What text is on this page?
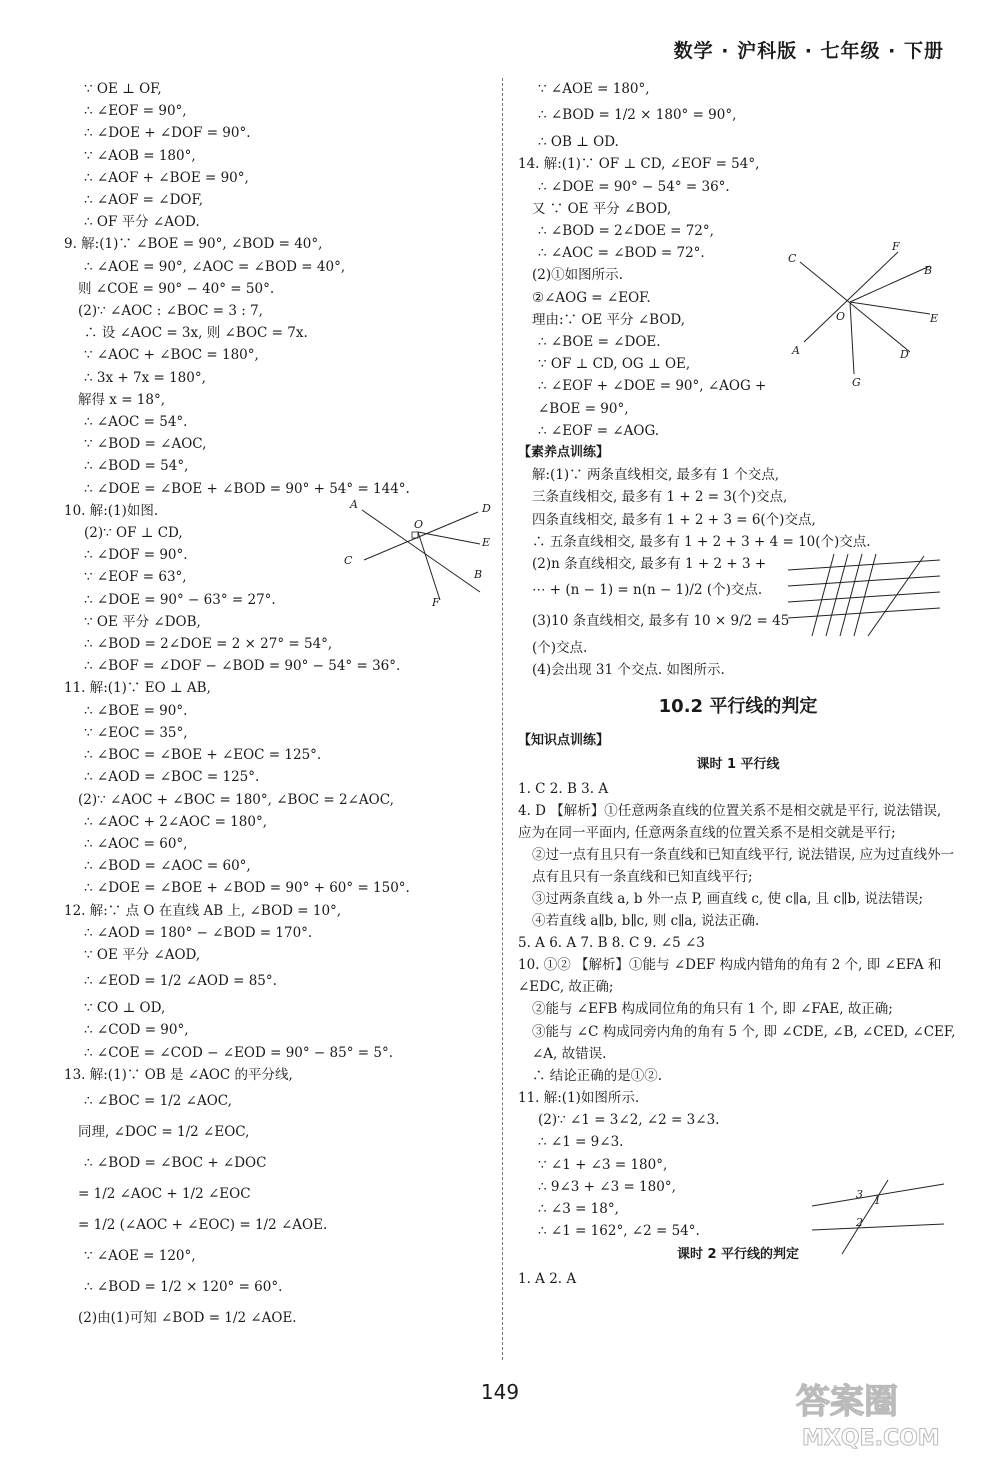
数学 · 沪科版 · 七年级 · 下册
∵ OE ⊥ OF,
∴ ∠EOF = 90°,
∴ ∠DOE + ∠DOF = 90°.
∵ ∠AOB = 180°,
∴ ∠AOF + ∠BOE = 90°,
∴ ∠AOF = ∠DOF,
∴ OF 平分 ∠AOD.
9. 解:(1)∵ ∠BOE = 90°, ∠BOD = 40°,
∴ ∠AOE = 90°, ∠AOC = ∠BOD = 40°,
则 ∠COE = 90° − 40° = 50°.
(2)∵ ∠AOC : ∠BOC = 3 : 7,
∴ 设 ∠AOC = 3x, 则 ∠BOC = 7x.
∵ ∠AOC + ∠BOC = 180°,
∴ 3x + 7x = 180°,
解得 x = 18°,
∴ ∠AOC = 54°.
∵ ∠BOD = ∠AOC,
∴ ∠BOD = 54°,
∴ ∠DOE = ∠BOE + ∠BOD = 90° + 54° = 144°.
10. 解:(1)如图.
(2)∵ OF ⊥ CD,
∴ ∠DOF = 90°.
∵ ∠EOF = 63°,
∴ ∠DOE = 90° − 63° = 27°.
∵ OE 平分 ∠DOB,
∴ ∠BOD = 2∠DOE = 2 × 27° = 54°,
∴ ∠BOF = ∠DOF − ∠BOD = 90° − 54° = 36°.
11. 解:(1)∵ EO ⊥ AB,
∴ ∠BOE = 90°.
∵ ∠EOC = 35°,
∴ ∠BOC = ∠BOE + ∠EOC = 125°.
∴ ∠AOD = ∠BOC = 125°.
(2)∵ ∠AOC + ∠BOC = 180°, ∠BOC = 2∠AOC,
∴ ∠AOC + 2∠AOC = 180°,
∴ ∠AOC = 60°,
∴ ∠BOD = ∠AOC = 60°,
∴ ∠DOE = ∠BOE + ∠BOD = 90° + 60° = 150°.
12. 解:∵ 点 O 在直线 AB 上, ∠BOD = 10°,
∴ ∠AOD = 180° − ∠BOD = 170°.
∵ OE 平分 ∠AOD,
∴ ∠EOD = 1/2 ∠AOD = 85°.
∵ CO ⊥ OD,
∴ ∠COD = 90°,
∴ ∠COE = ∠COD − ∠EOD = 90° − 85° = 5°.
13. 解:(1)∵ OB 是 ∠AOC 的平分线,
∴ ∠BOC = 1/2 ∠AOC,
同理, ∠DOC = 1/2 ∠EOC,
∴ ∠BOD = ∠BOC + ∠DOC
= 1/2 ∠AOC + 1/2 ∠EOC
= 1/2 (∠AOC + ∠EOC) = 1/2 ∠AOE.
∵ ∠AOE = 120°,
∴ ∠BOD = 1/2 × 120° = 60°.
(2)由(1)可知 ∠BOD = 1/2 ∠AOE.
A
O
D
E
C
B
F
∵ ∠AOE = 180°,
∴ ∠BOD = 1/2 × 180° = 90°,
∴ OB ⊥ OD.
14. 解:(1)∵ OF ⊥ CD, ∠EOF = 54°,
∴ ∠DOE = 90° − 54° = 36°.
又 ∵ OE 平分 ∠BOD,
∴ ∠BOD = 2∠DOE = 72°,
∴ ∠AOC = ∠BOD = 72°.
(2)①如图所示.
②∠AOG = ∠EOF.
理由:∵ OE 平分 ∠BOD,
∴ ∠BOE = ∠DOE.
∵ OF ⊥ CD, OG ⊥ OE,
∴ ∠EOF + ∠DOE = 90°, ∠AOG +
∠BOE = 90°,
∴ ∠EOF = ∠AOG.
【素养点训练】
解:(1)∵ 两条直线相交, 最多有 1 个交点,
三条直线相交, 最多有 1 + 2 = 3(个)交点,
四条直线相交, 最多有 1 + 2 + 3 = 6(个)交点,
∴ 五条直线相交, 最多有 1 + 2 + 3 + 4 = 10(个)交点.
(2)n 条直线相交, 最多有 1 + 2 + 3 +
⋯ + (n − 1) = n(n − 1)/2 (个)交点.
(3)10 条直线相交, 最多有 10 × 9/2 = 45
(个)交点.
(4)会出现 31 个交点. 如图所示.
10.2 平行线的判定
【知识点训练】
课时 1 平行线
1. C 2. B 3. A
4. D 【解析】①任意两条直线的位置关系不是相交就是平行, 说法错误, 应为在同一平面内, 任意两条直线的位置关系不是相交就是平行;
②过一点有且只有一条直线和已知直线平行, 说法错误, 应为过直线外一点有且只有一条直线和已知直线平行;
③过两条直线 a, b 外一点 P, 画直线 c, 使 c∥a, 且 c∥b, 说法错误;
④若直线 a∥b, b∥c, 则 c∥a, 说法正确.
5. A 6. A 7. B 8. C 9. ∠5 ∠3
10. ①② 【解析】①能与 ∠DEF 构成内错角的角有 2 个, 即 ∠EFA 和 ∠EDC, 故正确;
②能与 ∠EFB 构成同位角的角只有 1 个, 即 ∠FAE, 故正确;
③能与 ∠C 构成同旁内角的角有 5 个, 即 ∠CDE, ∠B, ∠CED, ∠CEF, ∠A, 故错误.
∴ 结论正确的是①②.
11. 解:(1)如图所示.
(2)∵ ∠1 = 3∠2, ∠2 = 3∠3.
∴ ∠1 = 9∠3.
∵ ∠1 + ∠3 = 180°,
∴ 9∠3 + ∠3 = 180°,
∴ ∠3 = 18°,
∴ ∠1 = 162°, ∠2 = 54°.
课时 2 平行线的判定
1. A 2. A
C
F
B
O	E
A	D
G
3 1
2
149	答案圈
MXQE.COM
